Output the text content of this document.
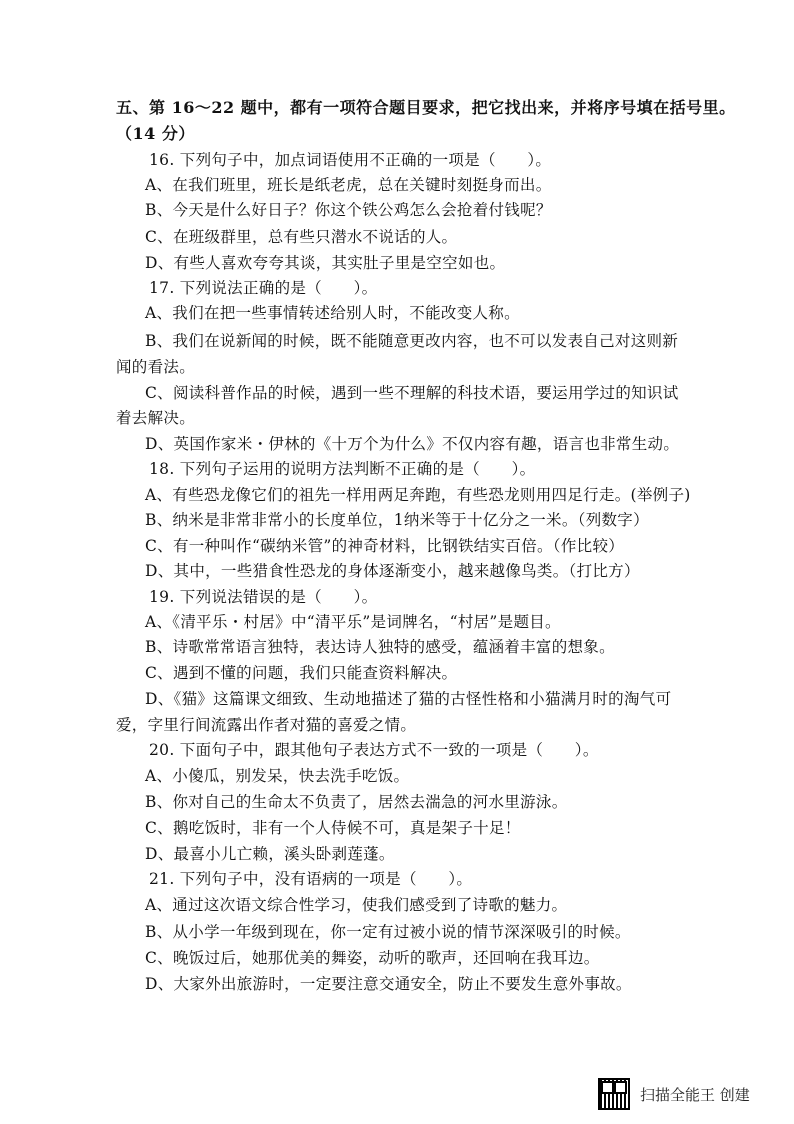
五、第 16～22 题中，都有一项符合题目要求，把它找出来，并将序号填在括号里。
（14 分）
16. 下列句子中，加点词语使用不正确的一项是（　　）。
A、在我们班里，班长是纸老虎，总在关键时刻挺身而出。
B、今天是什么好日子？你这个铁公鸡怎么会抢着付钱呢？
C、在班级群里，总有些只潜水不说话的人。
D、有些人喜欢夸夸其谈，其实肚子里是空空如也。
17. 下列说法正确的是（　　）。
A、我们在把一些事情转述给别人时，不能改变人称。
B、我们在说新闻的时候，既不能随意更改内容，也不可以发表自己对这则新
闻的看法。
C、阅读科普作品的时候，遇到一些不理解的科技术语，要运用学过的知识试
着去解决。
D、英国作家米・伊林的《十万个为什么》不仅内容有趣，语言也非常生动。
18. 下列句子运用的说明方法判断不正确的是（　　）。
A、有些恐龙像它们的祖先一样用两足奔跑，有些恐龙则用四足行走。(举例子)
B、纳米是非常非常小的长度单位，1纳米等于十亿分之一米。（列数字）
C、有一种叫作“碳纳米管”的神奇材料，比钢铁结实百倍。（作比较）
D、其中，一些猎食性恐龙的身体逐渐变小，越来越像鸟类。（打比方）
19. 下列说法错误的是（　　）。
A、《清平乐・村居》中“清平乐”是词牌名，“村居”是题目。
B、诗歌常常语言独特，表达诗人独特的感受，蕴涵着丰富的想象。
C、遇到不懂的问题，我们只能查资料解决。
D、《猫》这篇课文细致、生动地描述了猫的古怪性格和小猫满月时的淘气可
爱，字里行间流露出作者对猫的喜爱之情。
20. 下面句子中，跟其他句子表达方式不一致的一项是（　　）。
A、小傻瓜，别发呆，快去洗手吃饭。
B、你对自己的生命太不负责了，居然去湍急的河水里游泳。
C、鹅吃饭时，非有一个人侍候不可，真是架子十足！
D、最喜小儿亡赖，溪头卧剥莲蓬。
21. 下列句子中，没有语病的一项是（　　）。
A、通过这次语文综合性学习，使我们感受到了诗歌的魅力。
B、从小学一年级到现在，你一定有过被小说的情节深深吸引的时候。
C、晚饭过后，她那优美的舞姿，动听的歌声，还回响在我耳边。
D、大家外出旅游时，一定要注意交通安全，防止不要发生意外事故。
扫描全能王 创建
